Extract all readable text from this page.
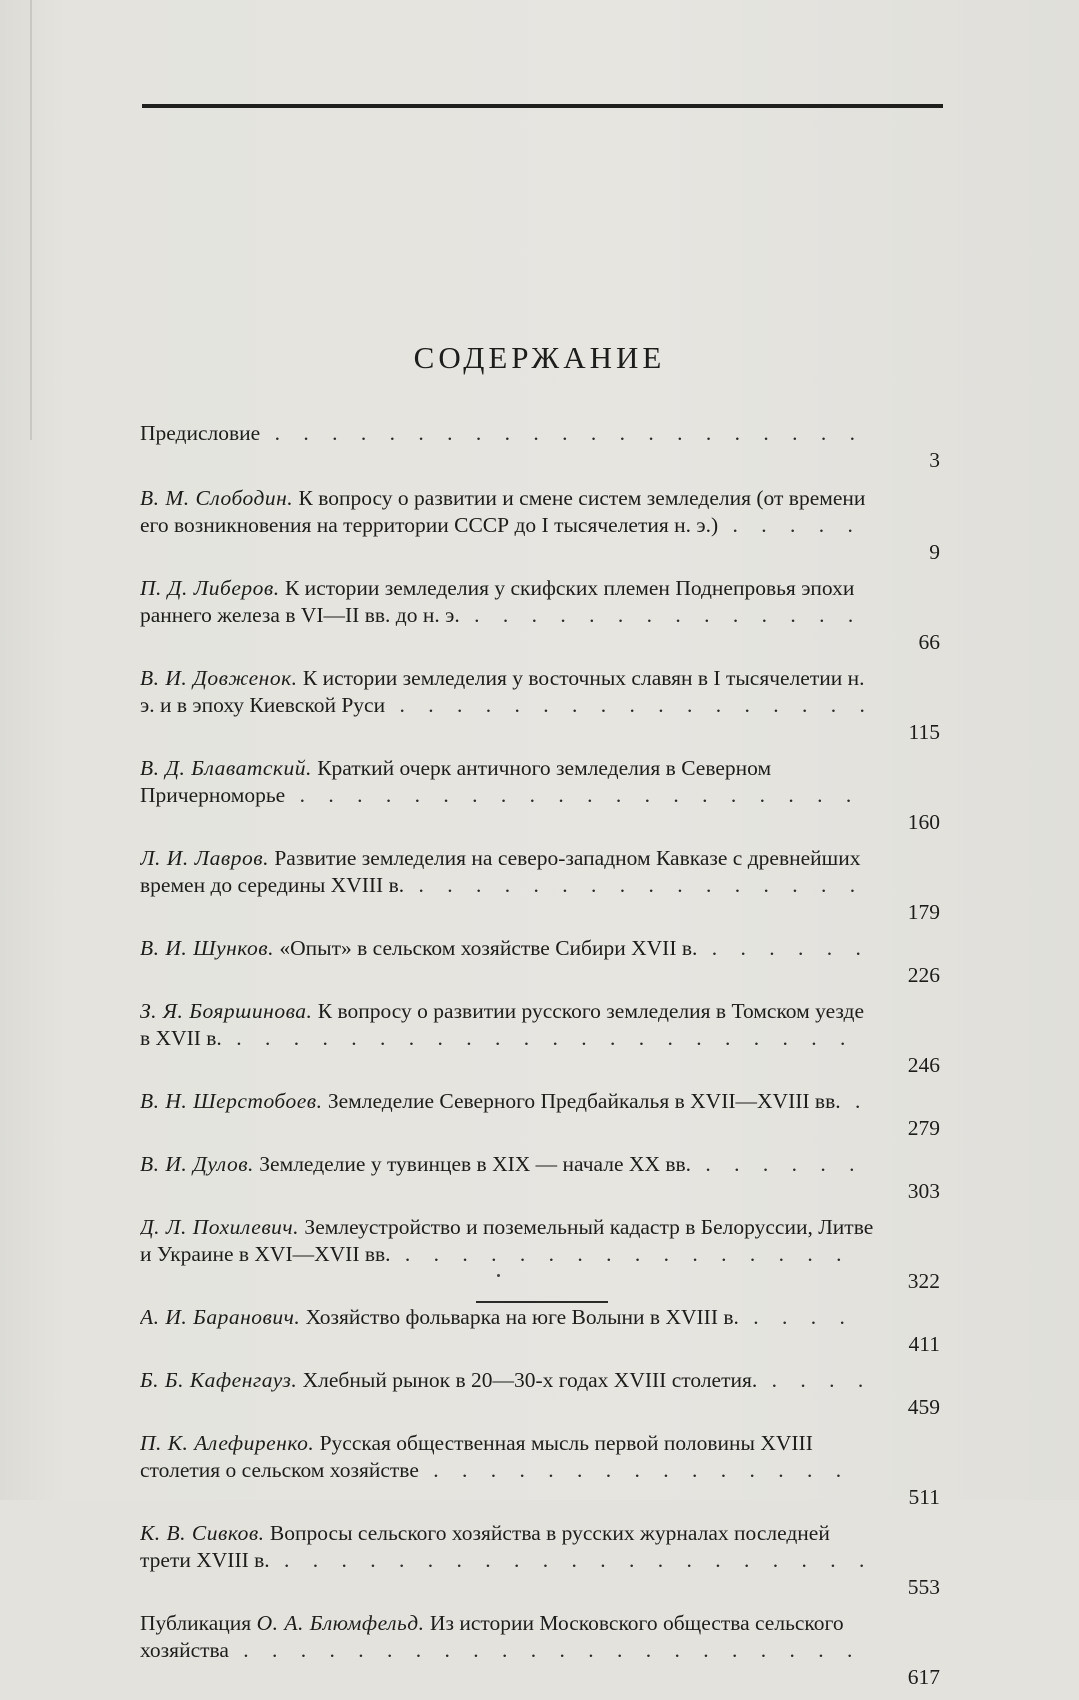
СОДЕРЖАНИЕ
Предисловие . . . . . . . . . . . . . . . . . . . . .
3
В. М. Слободин. К вопросу о развитии и смене систем земледелия (от времени его возникновения на территории СССР до I тысячелетия н. э.) . . . . .
9
П. Д. Либеров. К истории земледелия у скифских племен Поднепровья эпохи раннего железа в VI—II вв. до н. э. . . . . . . . . . . . . . .
66
В. И. Довженок. К истории земледелия у восточных славян в I тысячелетии н. э. и в эпоху Киевской Руси . . . . . . . . . . . . . . . . .
115
В. Д. Блаватский. Краткий очерк античного земледелия в Северном Причерноморье . . . . . . . . . . . . . . . . . . . .
160
Л. И. Лавров. Развитие земледелия на северо-западном Кавказе с древнейших времен до середины XVIII в. . . . . . . . . . . . . . . . .
179
В. И. Шунков. «Опыт» в сельском хозяйстве Сибири XVII в. . . . . . .
226
З. Я. Бояршинова. К вопросу о развитии русского земледелия в Томском уезде в XVII в. . . . . . . . . . . . . . . . . . . . . . .
246
В. Н. Шерстобоев. Земледелие Северного Предбайкалья в XVII—XVIII вв. .
279
В. И. Дулов. Земледелие у тувинцев в XIX — начале XX вв. . . . . . .
303
Д. Л. Похилевич. Землеустройство и поземельный кадастр в Белоруссии, Литве и Украине в XVI—XVII вв. . . . . . . . . . . . . . . . .
322
А. И. Баранович. Хозяйство фольварка на юге Волыни в XVIII в. . . . .
411
Б. Б. Кафенгауз. Хлебный рынок в 20—30-х годах XVIII столетия. . . . .
459
П. К. Алефиренко. Русская общественная мысль первой половины XVIII столетия о сельском хозяйстве . . . . . . . . . . . . . . .
511
К. В. Сивков. Вопросы сельского хозяйства в русских журналах последней трети XVIII в. . . . . . . . . . . . . . . . . . . . . .
553
Публикация О. А. Блюмфельд. Из истории Московского общества сельского хозяйства . . . . . . . . . . . . . . . . . . . . . .
617
